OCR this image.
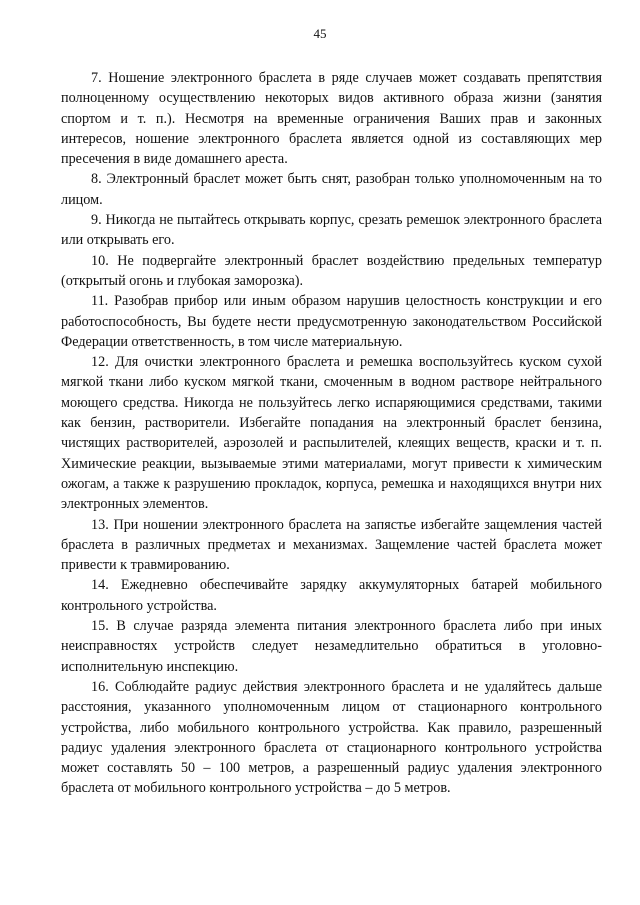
45

7. Ношение электронного браслета в ряде случаев может создавать препятствия полноценному осуществлению некоторых видов активного образа жизни (занятия спортом и т. п.). Несмотря на временные ограничения Ваших прав и законных интересов, ношение электронного браслета является одной из составляющих мер пресечения в виде домашнего ареста.

8. Электронный браслет может быть снят, разобран только уполномоченным на то лицом.

9. Никогда не пытайтесь открывать корпус, срезать ремешок электронного браслета или открывать его.

10. Не подвергайте электронный браслет воздействию предельных температур (открытый огонь и глубокая заморозка).

11. Разобрав прибор или иным образом нарушив целостность конструкции и его работоспособность, Вы будете нести предусмотренную законодательством Российской Федерации ответственность, в том числе материальную.

12. Для очистки электронного браслета и ремешка воспользуйтесь куском сухой мягкой ткани либо куском мягкой ткани, смоченным в водном растворе нейтрального моющего средства. Никогда не пользуйтесь легко испаряющимися средствами, такими как бензин, растворители. Избегайте попадания на электронный браслет бензина, чистящих растворителей, аэрозолей и распылителей, клеящих веществ, краски и т. п. Химические реакции, вызываемые этими материалами, могут привести к химическим ожогам, а также к разрушению прокладок, корпуса, ремешка и находящихся внутри них электронных элементов.

13. При ношении электронного браслета на запястье избегайте защемления частей браслета в различных предметах и механизмах. Защемление частей браслета может привести к травмированию.

14. Ежедневно обеспечивайте зарядку аккумуляторных батарей мобильного контрольного устройства.

15. В случае разряда элемента питания электронного браслета либо при иных неисправностях устройств следует незамедлительно обратиться в уголовно-исполнительную инспекцию.

16. Соблюдайте радиус действия электронного браслета и не удаляйтесь дальше расстояния, указанного уполномоченным лицом от стационарного контрольного устройства, либо мобильного контрольного устройства. Как правило, разрешенный радиус удаления электронного браслета от стационарного контрольного устройства может составлять 50 – 100 метров, а разрешенный радиус удаления электронного браслета от мобильного контрольного устройства – до 5 метров.
